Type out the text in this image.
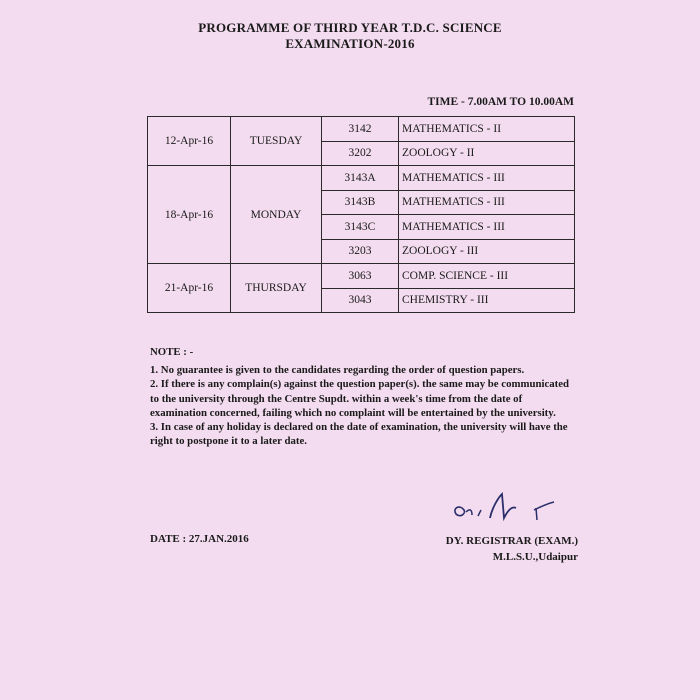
PROGRAMME OF THIRD YEAR T.D.C. SCIENCE
EXAMINATION-2016
TIME - 7.00AM TO 10.00AM
12-Apr-16	TUESDAY	3142	MATHEMATICS - II
		3202	ZOOLOGY - II
18-Apr-16	MONDAY	3143A	MATHEMATICS - III
		3143B	MATHEMATICS - III
		3143C	MATHEMATICS - III
		3203	ZOOLOGY - III
21-Apr-16	THURSDAY	3063	COMP. SCIENCE - III
		3043	CHEMISTRY - III
NOTE : -

1. No guarantee is given to the candidates regarding the order of question papers.

2. If there is any complain(s) against the question paper(s). the same may be communicated to the university through the Centre Supdt. within a week's time from the date of examination concerned, failing which no complaint will be entertained by the university.

3. In case of any holiday is declared on the date of examination, the university will have the right to postpone it to a later date.

DATE : 27.JAN.2016	DY. REGISTRAR (EXAM.)
M.L.S.U.,Udaipur
